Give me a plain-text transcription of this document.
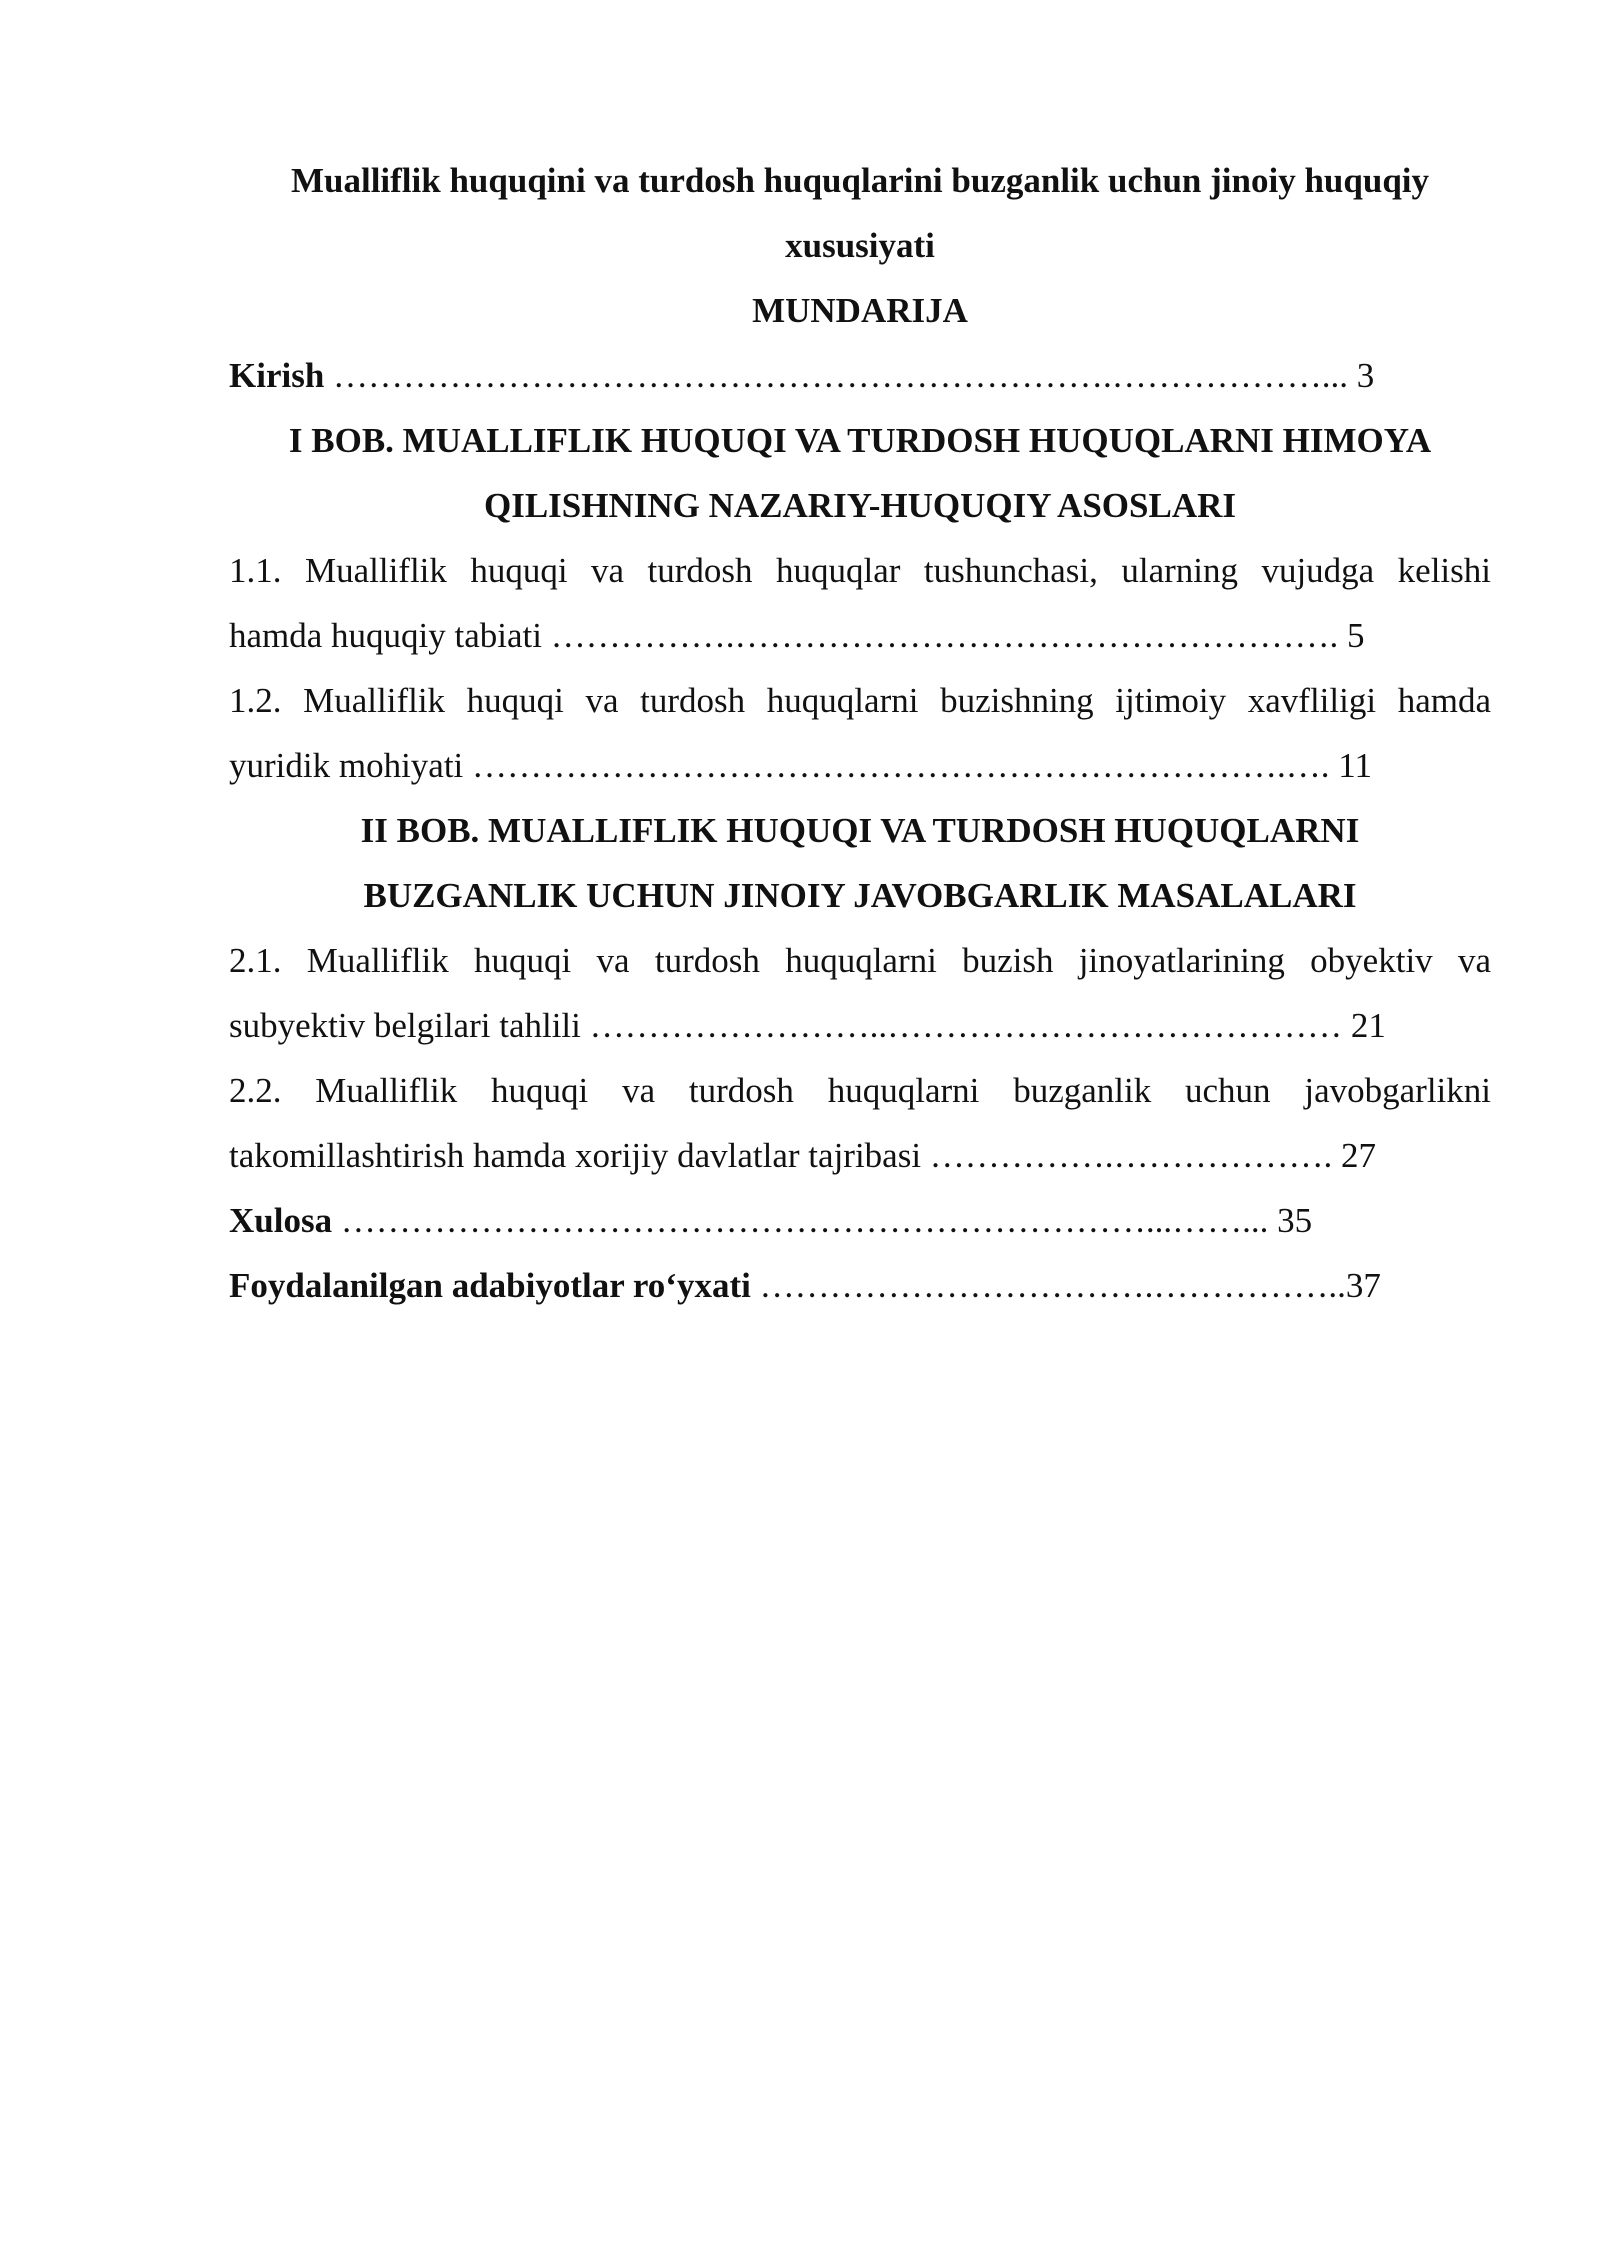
Mualliflik huquqini va turdosh huquqlarini buzganlik uchun jinoiy huquqiy
xususiyati
MUNDARIJA
Kirish ………………………………………………………….………………... 3
I BOB. MUALLIFLIK HUQUQI VA TURDOSH HUQUQLARNI HIMOYA
QILISHNING NAZARIY-HUQUQIY ASOSLARI
1.1. Mualliflik huquqi va turdosh huquqlar tushunchasi, ularning vujudga kelishi
hamda huquqiy tabiati …………….……………………………………………. 5
1.2. Mualliflik huquqi va turdosh huquqlarni buzishning ijtimoiy xavfliligi hamda
yuridik mohiyati …………………………………………………………….…. 11
II BOB. MUALLIFLIK HUQUQI VA TURDOSH HUQUQLARNI
BUZGANLIK UCHUN JINOIY JAVOBGARLIK MASALALARI
2.1. Mualliflik huquqi va turdosh huquqlarni buzish jinoyatlarining obyektiv va
subyektiv belgilari tahlili ……………………..………………………………… 21
2.2. Mualliflik huquqi va turdosh huquqlarni buzganlik uchun javobgarlikni
takomillashtirish hamda xorijiy davlatlar tajribasi …………….………………. 27
Xulosa ……………………………………………………………...……... 35
Foydalanilgan adabiyotlar ro‘yxati …………………………….……………..37
